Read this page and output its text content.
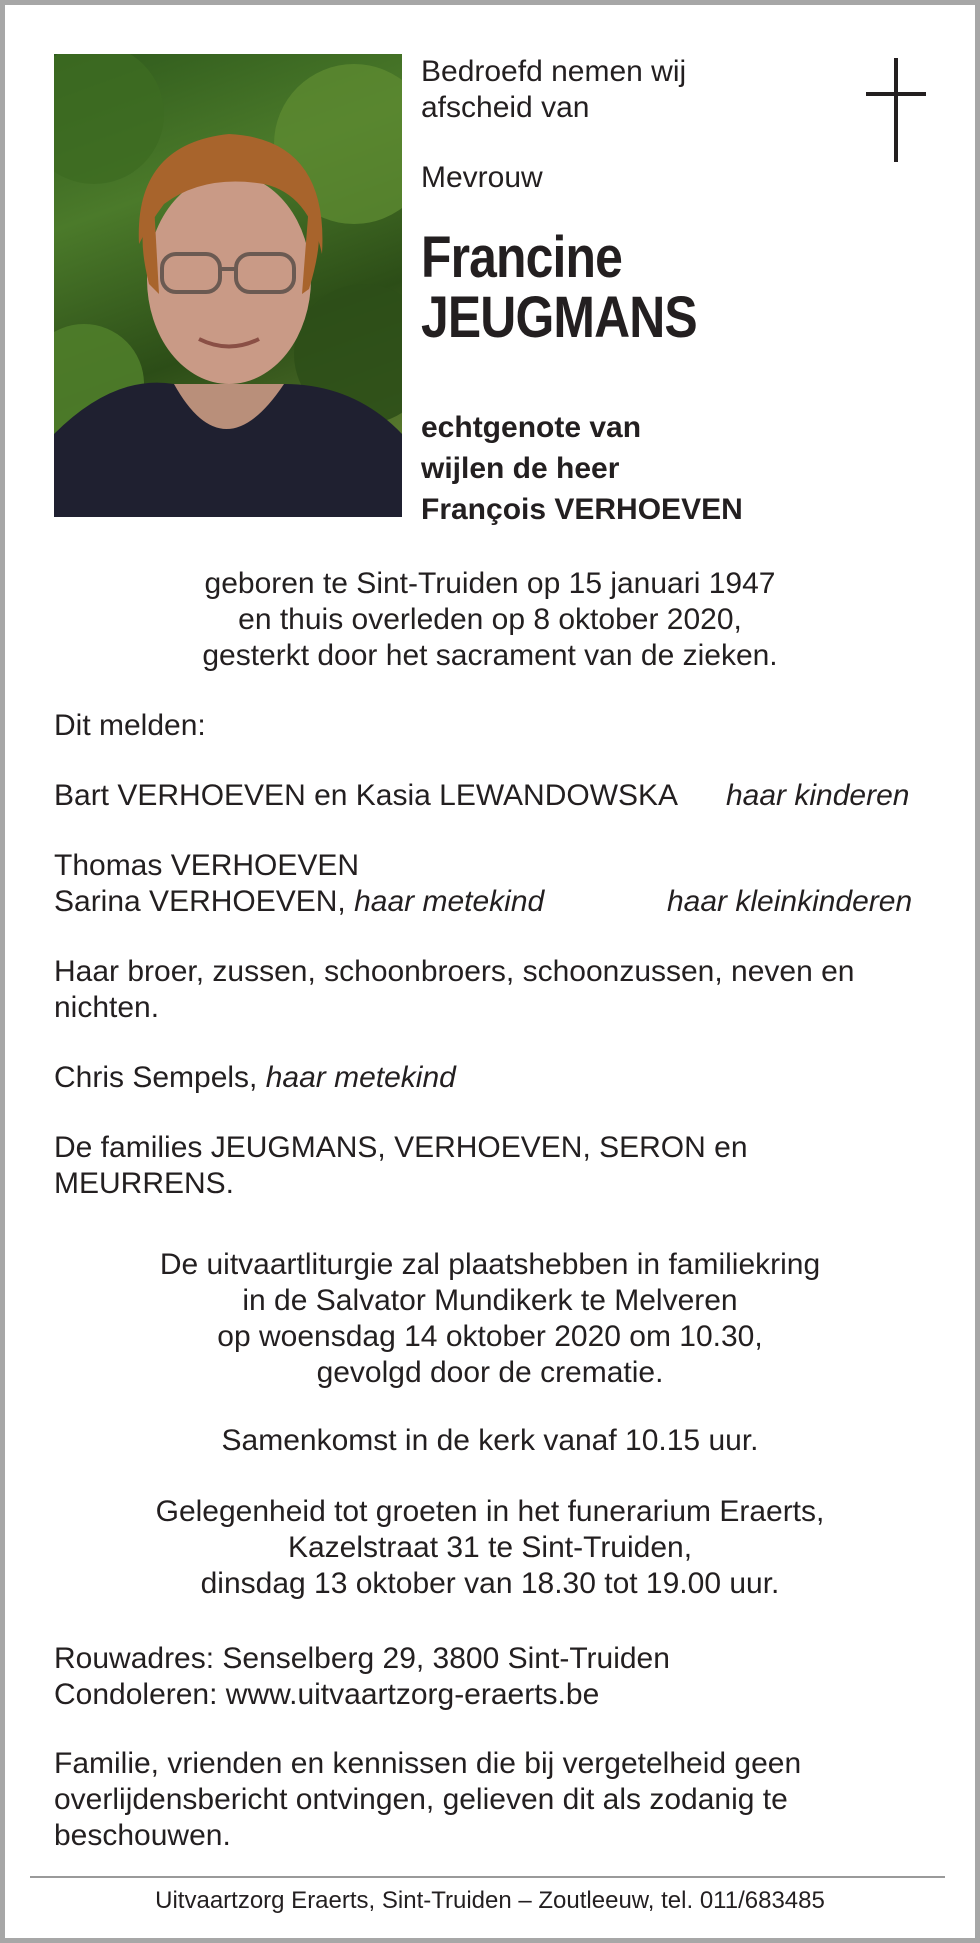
Bedroefd nemen wij
afscheid van
Mevrouw
Francine
JEUGMANS
echtgenote van
wijlen de heer
François VERHOEVEN
geboren te Sint-Truiden op 15 januari 1947
en thuis overleden op 8 oktober 2020,
gesterkt door het sacrament van de zieken.
Dit melden:
Bart VERHOEVEN en Kasia LEWANDOWSKA haar kinderen
Thomas VERHOEVEN
Sarina VERHOEVEN, haar metekind	haar kleinkinderen
Haar broer, zussen, schoonbroers, schoonzussen, neven en
nichten.
Chris Sempels, haar metekind
De families JEUGMANS, VERHOEVEN, SERON en
MEURRENS.
De uitvaartliturgie zal plaatshebben in familiekring
in de Salvator Mundikerk te Melveren
op woensdag 14 oktober 2020 om 10.30,
gevolgd door de crematie.
Samenkomst in de kerk vanaf 10.15 uur.
Gelegenheid tot groeten in het funerarium Eraerts,
Kazelstraat 31 te Sint-Truiden,
dinsdag 13 oktober van 18.30 tot 19.00 uur.
Rouwadres: Senselberg 29, 3800 Sint-Truiden
Condoleren: www.uitvaartzorg-eraerts.be
Familie, vrienden en kennissen die bij vergetelheid geen
overlijdensbericht ontvingen, gelieven dit als zodanig te
beschouwen.
Uitvaartzorg Eraerts, Sint-Truiden – Zoutleeuw, tel. 011/683485
